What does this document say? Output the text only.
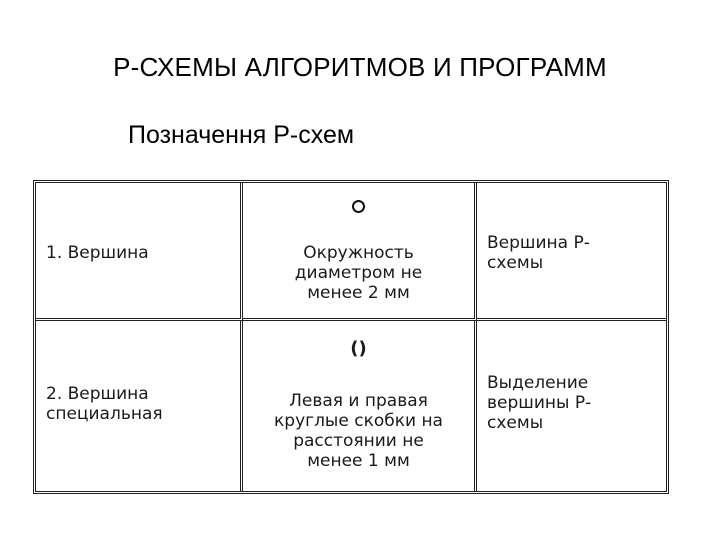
Р-СХЕМЫ АЛГОРИТМОВ И ПРОГРАММ
Позначення Р-схем
1. Вершина	Окружность
диаметром не
менее 2 мм
Вершина Р-
схемы
2. Вершина
специальная
()
Левая и правая
круглые скобки на
расстоянии не
менее 1 мм
Выделение
вершины Р-
схемы
